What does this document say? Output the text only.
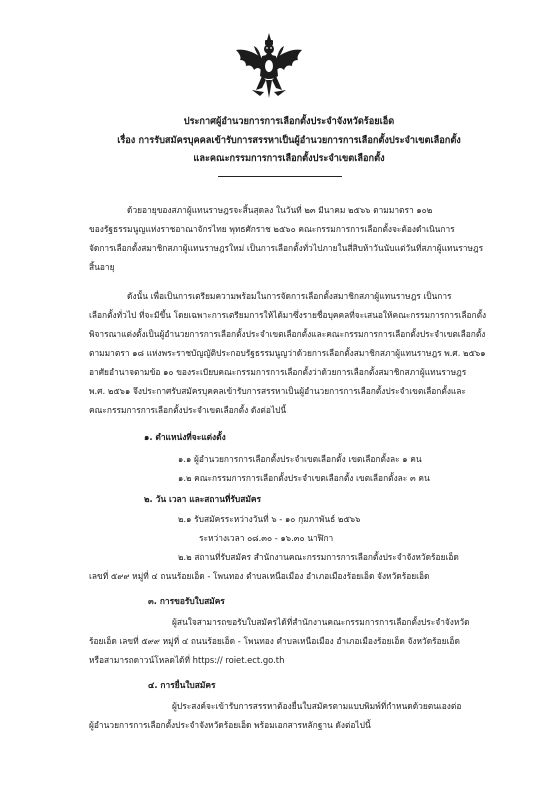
ประกาศผู้อำนวยการการเลือกตั้งประจำจังหวัดร้อยเอ็ด
เรื่อง การรับสมัครบุคคลเข้ารับการสรรหาเป็นผู้อำนวยการการเลือกตั้งประจำเขตเลือกตั้ง
และคณะกรรมการการเลือกตั้งประจำเขตเลือกตั้ง
ด้วยอายุของสภาผู้แทนราษฎรจะสิ้นสุดลง ในวันที่ ๒๓ มีนาคม ๒๕๖๖ ตามมาตรา ๑๐๒
ของรัฐธรรมนูญแห่งราชอาณาจักรไทย พุทธศักราช ๒๕๖๐ คณะกรรมการการเลือกตั้งจะต้องดำเนินการ
จัดการเลือกตั้งสมาชิกสภาผู้แทนราษฎรใหม่ เป็นการเลือกตั้งทั่วไปภายในสี่สิบห้าวันนับแต่วันที่สภาผู้แทนราษฎร
สิ้นอายุ
ดังนั้น เพื่อเป็นการเตรียมความพร้อมในการจัดการเลือกตั้งสมาชิกสภาผู้แทนราษฎร เป็นการ
เลือกตั้งทั่วไป ที่จะมีขึ้น โดยเฉพาะการเตรียมการให้ได้มาซึ่งรายชื่อบุคคลที่จะเสนอให้คณะกรรมการการเลือกตั้ง
พิจารณาแต่งตั้งเป็นผู้อำนวยการการเลือกตั้งประจำเขตเลือกตั้งและคณะกรรมการการเลือกตั้งประจำเขตเลือกตั้ง
ตามมาตรา ๑๘ แห่งพระราชบัญญัติประกอบรัฐธรรมนูญว่าด้วยการเลือกตั้งสมาชิกสภาผู้แทนราษฎร พ.ศ. ๒๕๖๑
อาศัยอำนาจตามข้อ ๑๐ ของระเบียบคณะกรรมการการเลือกตั้งว่าด้วยการเลือกตั้งสมาชิกสภาผู้แทนราษฎร
พ.ศ. ๒๕๖๑ จึงประกาศรับสมัครบุคคลเข้ารับการสรรหาเป็นผู้อำนวยการการเลือกตั้งประจำเขตเลือกตั้งและ
คณะกรรมการการเลือกตั้งประจำเขตเลือกตั้ง ดังต่อไปนี้
๑. ตำแหน่งที่จะแต่งตั้ง
๑.๑ ผู้อำนวยการการเลือกตั้งประจำเขตเลือกตั้ง เขตเลือกตั้งละ ๑ คน
๑.๒ คณะกรรมการการเลือกตั้งประจำเขตเลือกตั้ง เขตเลือกตั้งละ ๓ คน
๒. วัน เวลา และสถานที่รับสมัคร
๒.๑ รับสมัครระหว่างวันที่ ๖ - ๑๐ กุมภาพันธ์ ๒๕๖๖
ระหว่างเวลา ๐๘.๓๐ - ๑๖.๓๐ นาฬิกา
๒.๒ สถานที่รับสมัคร สำนักงานคณะกรรมการการเลือกตั้งประจำจังหวัดร้อยเอ็ด
เลขที่ ๕๙๙ หมู่ที่ ๔ ถนนร้อยเอ็ด - โพนทอง ตำบลเหนือเมือง อำเภอเมืองร้อยเอ็ด จังหวัดร้อยเอ็ด
๓. การขอรับใบสมัคร
ผู้สนใจสามารถขอรับใบสมัครได้ที่สำนักงานคณะกรรมการการเลือกตั้งประจำจังหวัด
ร้อยเอ็ด เลขที่ ๕๙๙ หมู่ที่ ๔ ถนนร้อยเอ็ด - โพนทอง ตำบลเหนือเมือง อำเภอเมืองร้อยเอ็ด จังหวัดร้อยเอ็ด
หรือสามารถดาวน์โหลดได้ที่ https:// roiet.ect.go.th
๔. การยื่นใบสมัคร
ผู้ประสงค์จะเข้ารับการสรรหาต้องยื่นใบสมัครตามแบบพิมพ์ที่กำหนดด้วยตนเองต่อ
ผู้อำนวยการการเลือกตั้งประจำจังหวัดร้อยเอ็ด พร้อมเอกสารหลักฐาน ดังต่อไปนี้
